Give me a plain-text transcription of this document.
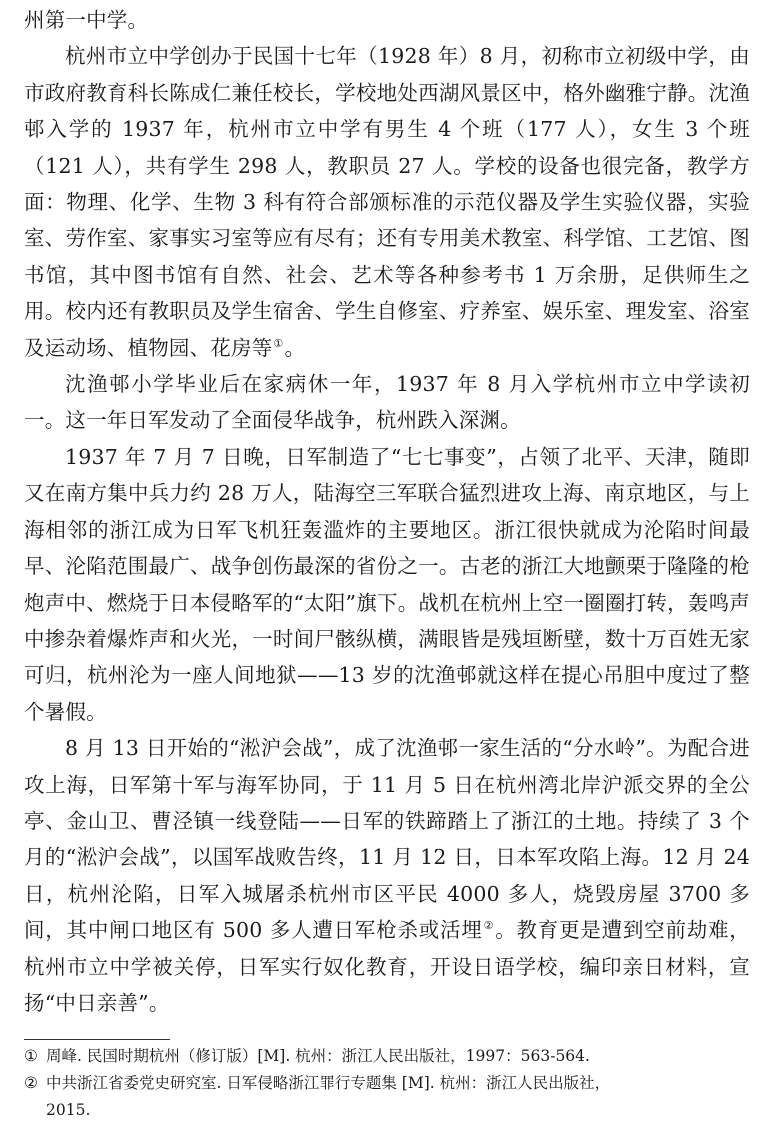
州第一中学。

杭州市立中学创办于民国十七年（1928 年）8 月，初称市立初级中学，由市政府教育科长陈成仁兼任校长，学校地处西湖风景区中，格外幽雅宁静。沈渔邨入学的 1937 年，杭州市立中学有男生 4 个班（177 人），女生 3 个班（121 人），共有学生 298 人，教职员 27 人。学校的设备也很完备，教学方面：物理、化学、生物 3 科有符合部颁标准的示范仪器及学生实验仪器，实验室、劳作室、家事实习室等应有尽有；还有专用美术教室、科学馆、工艺馆、图书馆，其中图书馆有自然、社会、艺术等各种参考书 1 万余册，足供师生之用。校内还有教职员及学生宿舍、学生自修室、疗养室、娱乐室、理发室、浴室及运动场、植物园、花房等①。

沈渔邨小学毕业后在家病休一年，1937 年 8 月入学杭州市立中学读初一。这一年日军发动了全面侵华战争，杭州跌入深渊。

1937 年 7 月 7 日晚，日军制造了“七七事变”，占领了北平、天津，随即又在南方集中兵力约 28 万人，陆海空三军联合猛烈进攻上海、南京地区，与上海相邻的浙江成为日军飞机狂轰滥炸的主要地区。浙江很快就成为沦陷时间最早、沦陷范围最广、战争创伤最深的省份之一。古老的浙江大地颤栗于隆隆的枪炮声中、燃烧于日本侵略军的“太阳”旗下。战机在杭州上空一圈圈打转，轰鸣声中掺杂着爆炸声和火光，一时间尸骸纵横，满眼皆是残垣断壁，数十万百姓无家可归，杭州沦为一座人间地狱——13 岁的沈渔邨就这样在提心吊胆中度过了整个暑假。

8 月 13 日开始的“淞沪会战”，成了沈渔邨一家生活的“分水岭”。为配合进攻上海，日军第十军与海军协同，于 11 月 5 日在杭州湾北岸沪派交界的全公亭、金山卫、曹泾镇一线登陆——日军的铁蹄踏上了浙江的土地。持续了 3 个月的“淞沪会战”，以国军战败告终，11 月 12 日，日本军攻陷上海。12 月 24 日，杭州沦陷，日军入城屠杀杭州市区平民 4000 多人，烧毁房屋 3700 多间，其中闸口地区有 500 多人遭日军枪杀或活埋②。教育更是遭到空前劫难，杭州市立中学被关停，日军实行奴化教育，开设日语学校，编印亲日材料，宣扬“中日亲善”。

① 周峰. 民国时期杭州（修订版）[M]. 杭州：浙江人民出版社，1997：563-564.

② 中共浙江省委党史研究室. 日军侵略浙江罪行专题集 [M]. 杭州：浙江人民出版社，

2015.
